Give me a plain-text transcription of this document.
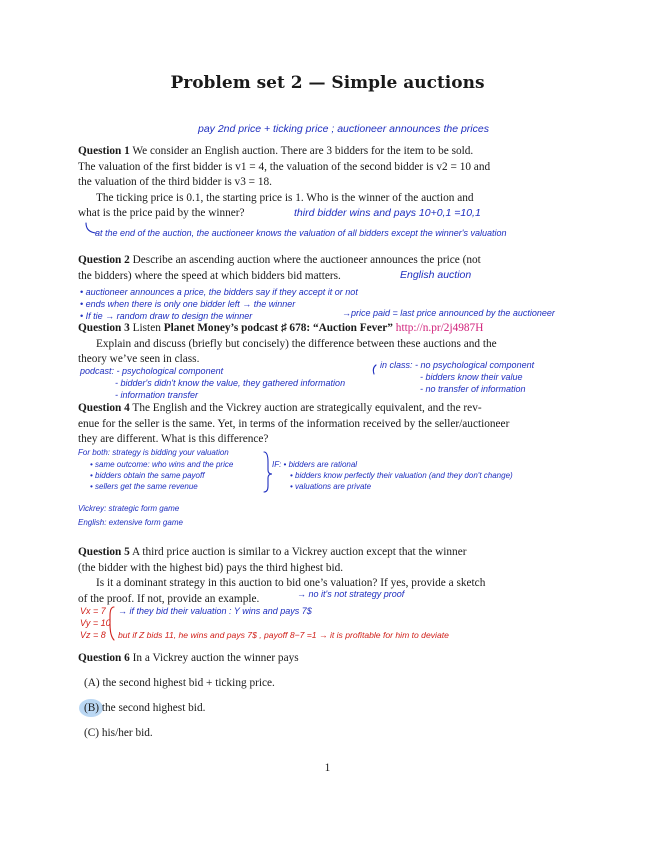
Problem set 2 — Simple auctions
pay 2nd price + ticking price ; auctioneer announces the prices
Question 1 We consider an English auction. There are 3 bidders for the item to be sold.
The valuation of the first bidder is v1 = 4, the valuation of the second bidder is v2 = 10 and
the valuation of the third bidder is v3 = 18.
The ticking price is 0.1, the starting price is 1. Who is the winner of the auction and
what is the price paid by the winner?	third bidder wins and pays 10+0,1 =10,1
at the end of the auction, the auctioneer knows the valuation of all bidders except the winner's valuation
Question 2 Describe an ascending auction where the auctioneer announces the price (not
the bidders) where the speed at which bidders bid matters.	English auction
• auctioneer announces a price, the bidders say if they accept it or not
• ends when there is only one bidder left → the winner
• If tie → random draw to design the winner	→price paid = last price announced by the auctioneer
Question 3 Listen Planet Money’s podcast ♯ 678: “Auction Fever” http://n.pr/2j4987H
Explain and discuss (briefly but concisely) the difference between these auctions and the
theory we’ve seen in class.	in class: - no psychological component
- bidders know their value
- no transfer of information
podcast: - psychological component
- bidder's didn't know the value, they gathered information
- information transfer
Question 4 The English and the Vickrey auction are strategically equivalent, and the rev-
enue for the seller is the same. Yet, in terms of the information received by the seller/auctioneer
they are different. What is this difference?
For both: strategy is bidding your valuation
• same outcome: who wins and the price
• bidders obtain the same payoff
• sellers get the same revenue
IF: • bidders are rational
• bidders know perfectly their valuation (and they don't change)
• valuations are private
Vickrey: strategic form game
English: extensive form game
Question 5 A third price auction is similar to a Vickrey auction except that the winner
(the bidder with the highest bid) pays the third highest bid.
Is it a dominant strategy in this auction to bid one’s valuation? If yes, provide a sketch
of the proof. If not, provide an example.	→ no it's not strategy proof
Vx = 7
Vy = 10
Vz = 8
→ if they bid their valuation : Y wins and pays 7$
but if Z bids 11, he wins and pays 7$ , payoff 8−7 =1 → it is profitable for him to deviate
Question 6 In a Vickrey auction the winner pays
(A) the second highest bid + ticking price.
(B) the second highest bid.
(C) his/her bid.
1
